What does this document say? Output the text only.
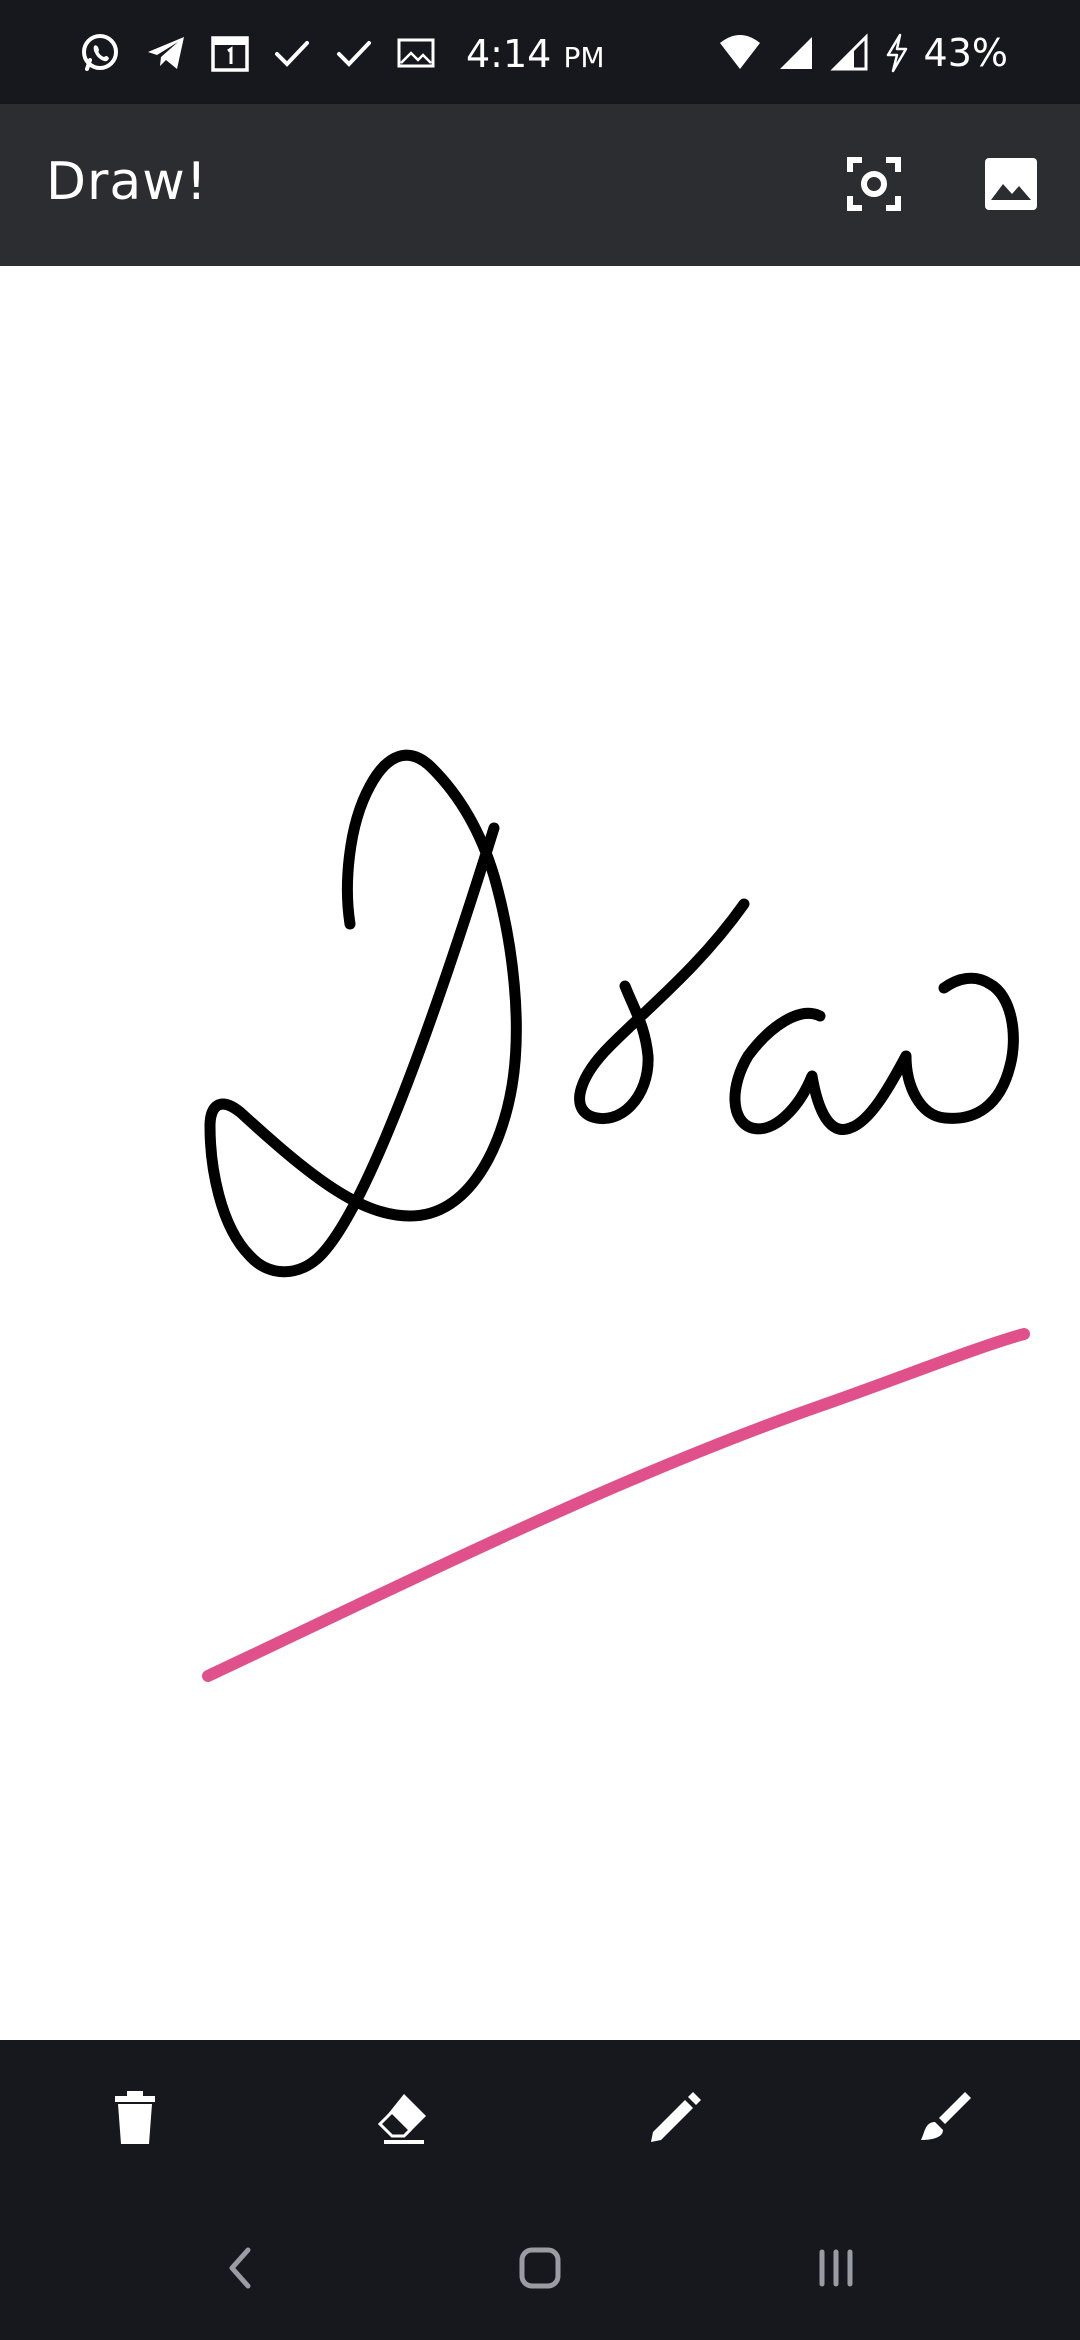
4:14 PM	43%
Draw!
